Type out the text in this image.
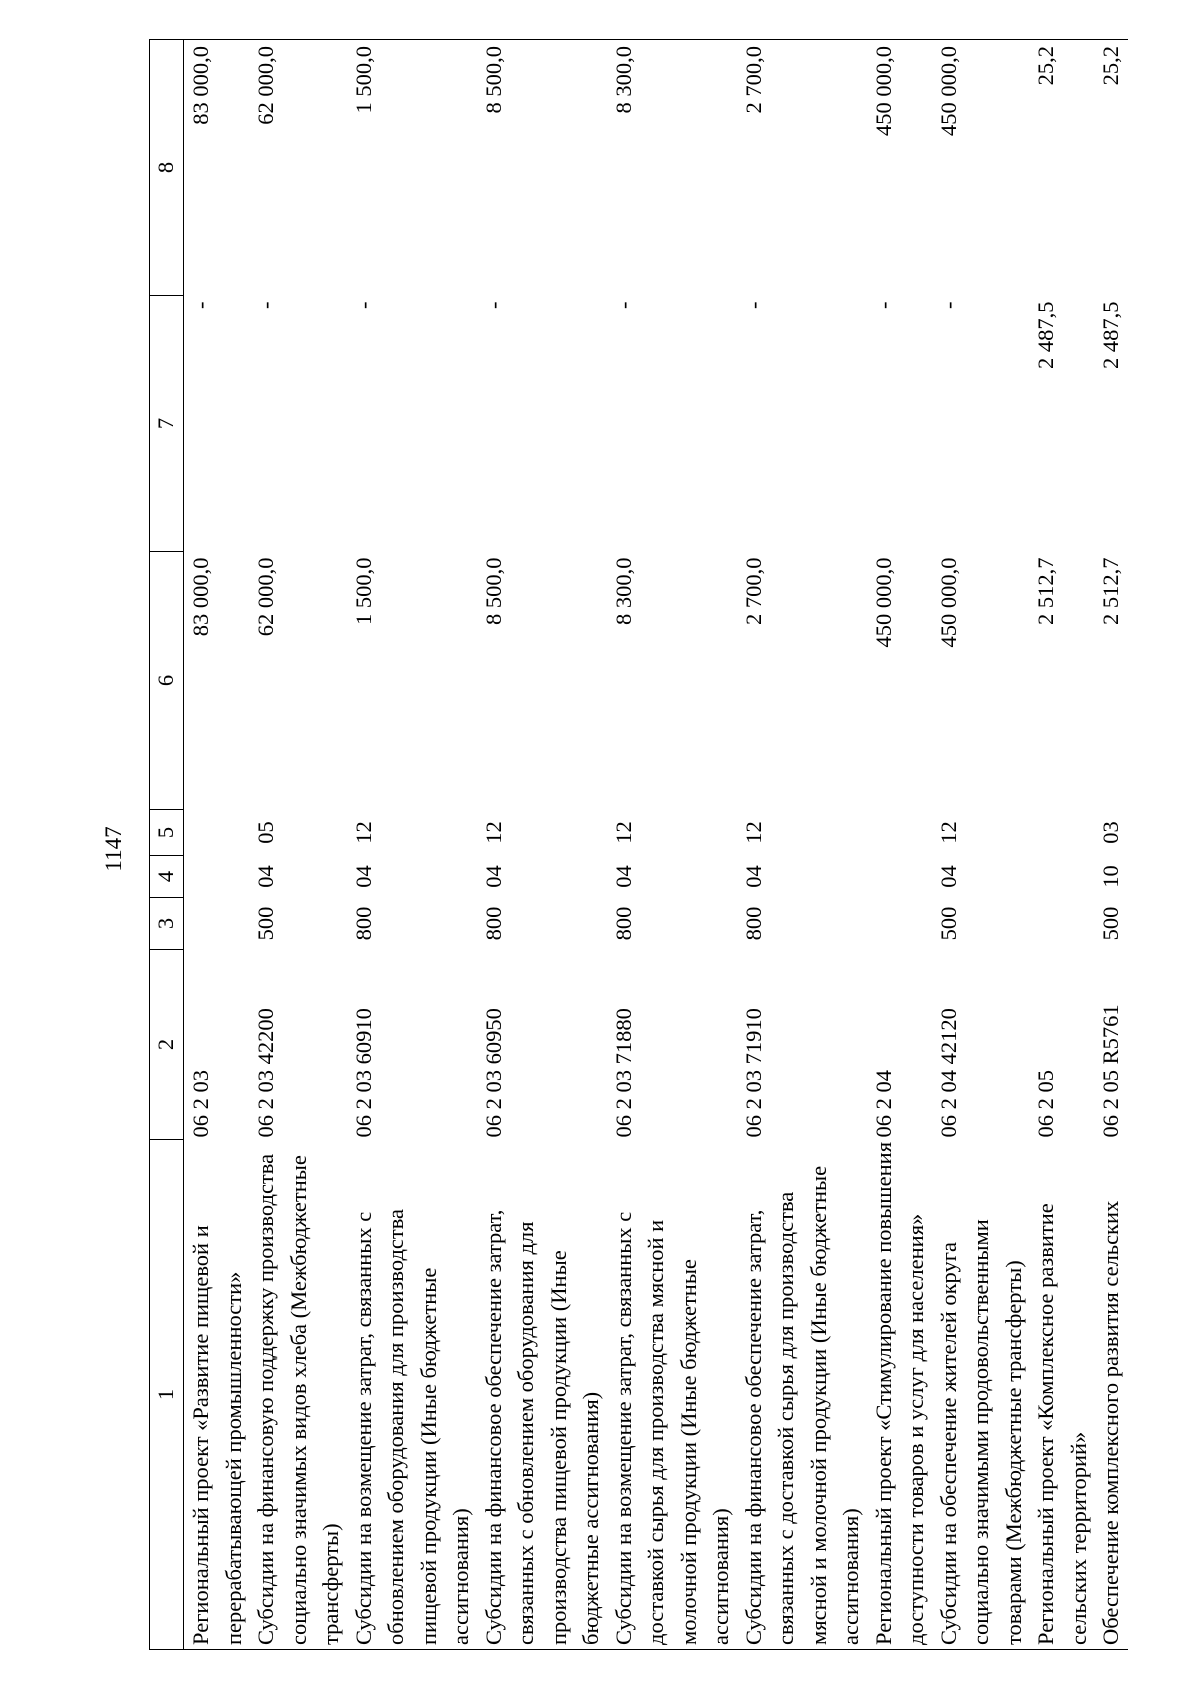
1147
1	2	3	4	5	6	7	8
Региональный проект «Развитие пищевой и перерабатывающей промышленности»	06 2 03				83 000,0	-	83 000,0
Субсидии на финансовую поддержку производства социально значимых видов хлеба (Межбюджетные трансферты)	06 2 03 42200	500	04	05	62 000,0	-	62 000,0
Субсидии на возмещение затрат, связанных с обновлением оборудования для производства пищевой продукции (Иные бюджетные ассигнования)	06 2 03 60910	800	04	12	1 500,0	-	1 500,0
Субсидии на финансовое обеспечение затрат, связанных с обновлением оборудования для производства пищевой продукции (Иные бюджетные ассигнования)	06 2 03 60950	800	04	12	8 500,0	-	8 500,0
Субсидии на возмещение затрат, связанных с доставкой сырья для производства мясной и молочной продукции (Иные бюджетные ассигнования)	06 2 03 71880	800	04	12	8 300,0	-	8 300,0
Субсидии на финансовое обеспечение затрат, связанных с доставкой сырья для производства мясной и молочной продукции (Иные бюджетные ассигнования)	06 2 03 71910	800	04	12	2 700,0	-	2 700,0
Региональный проект «Стимулирование повышения доступности товаров и услуг для населения»	06 2 04				450 000,0	-	450 000,0
Субсидии на обеспечение жителей округа социально значимыми продовольственными товарами (Межбюджетные трансферты)	06 2 04 42120	500	04	12	450 000,0	-	450 000,0
Региональный проект «Комплексное развитие сельских территорий»	06 2 05				2 512,7	2 487,5	25,2
Обеспечение комплексного развития сельских	06 2 05 R5761	500	10	03	2 512,7	2 487,5	25,2
